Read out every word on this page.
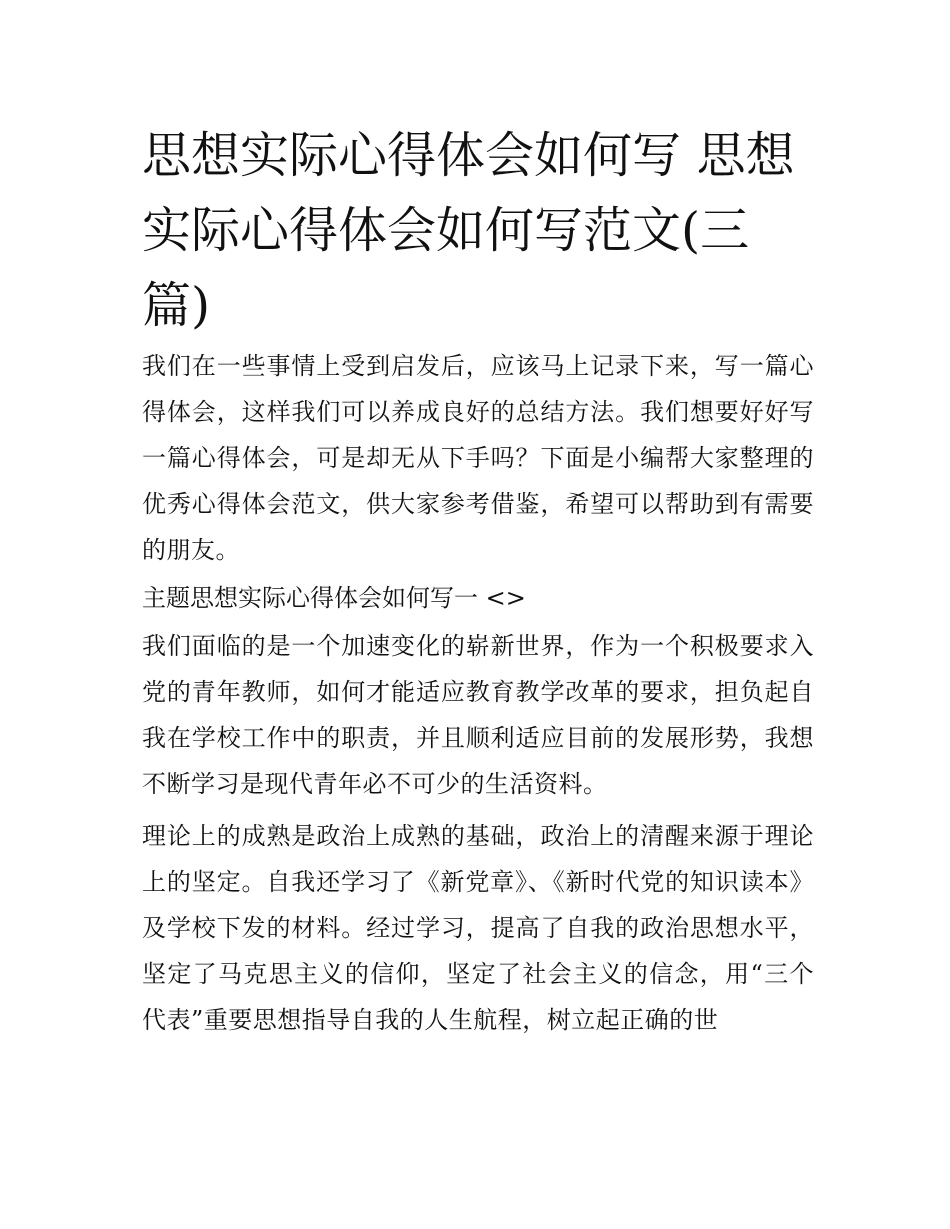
思想实际心得体会如何写 思想实际心得体会如何写范文(三篇)

我们在一些事情上受到启发后，应该马上记录下来，写一篇心得体会，这样我们可以养成良好的总结方法。我们想要好好写一篇心得体会，可是却无从下手吗？下面是小编帮大家整理的优秀心得体会范文，供大家参考借鉴，希望可以帮助到有需要的朋友。

主题思想实际心得体会如何写一 <>

我们面临的是一个加速变化的崭新世界，作为一个积极要求入党的青年教师，如何才能适应教育教学改革的要求，担负起自我在学校工作中的职责，并且顺利适应目前的发展形势，我想不断学习是现代青年必不可少的生活资料。

理论上的成熟是政治上成熟的基础，政治上的清醒来源于理论上的坚定。自我还学习了《新党章》、《新时代党的知识读本》及学校下发的材料。经过学习，提高了自我的政治思想水平，坚定了马克思主义的信仰，坚定了社会主义的信念，用“三个代表”重要思想指导自我的人生航程，树立起正确的世
